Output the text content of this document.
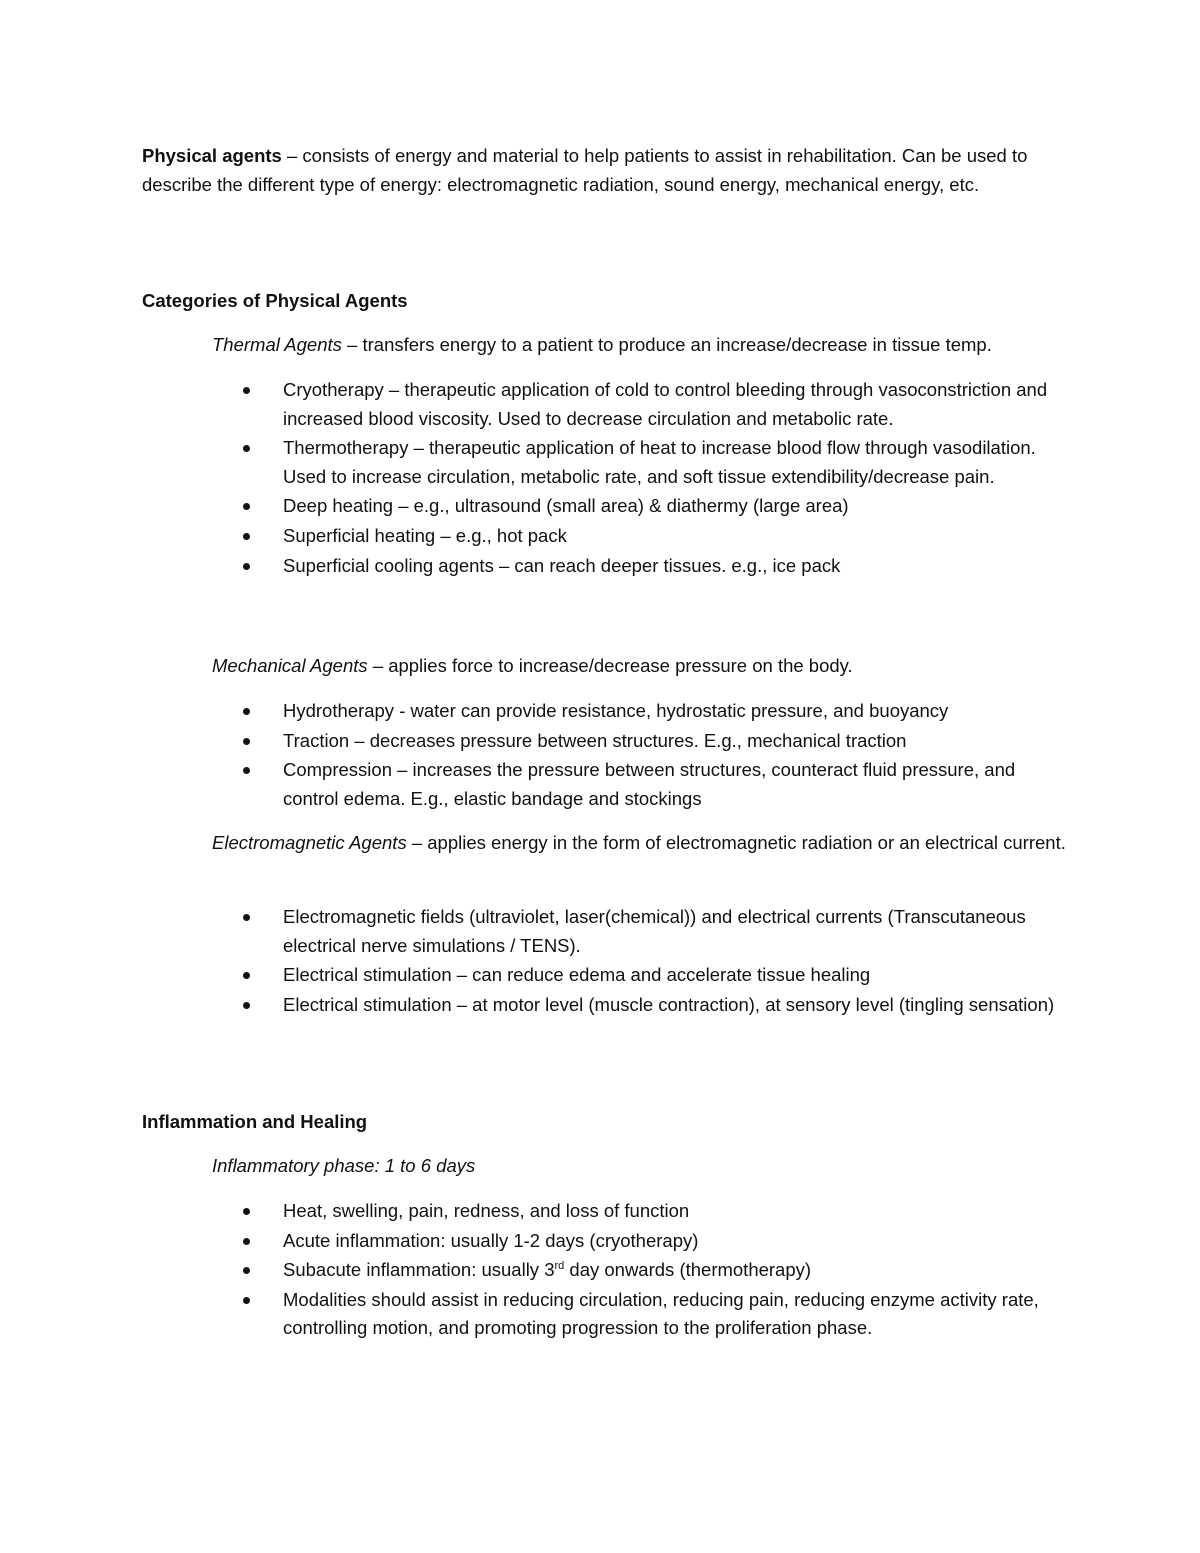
Physical agents – consists of energy and material to help patients to assist in rehabilitation. Can be used to describe the different type of energy: electromagnetic radiation, sound energy, mechanical energy, etc.

Categories of Physical Agents
Thermal Agents – transfers energy to a patient to produce an increase/decrease in tissue temp.
Cryotherapy – therapeutic application of cold to control bleeding through vasoconstriction and increased blood viscosity. Used to decrease circulation and metabolic rate.
Thermotherapy – therapeutic application of heat to increase blood flow through vasodilation. Used to increase circulation, metabolic rate, and soft tissue extendibility/decrease pain.
Deep heating – e.g., ultrasound (small area) & diathermy (large area)
Superficial heating – e.g., hot pack
Superficial cooling agents – can reach deeper tissues. e.g., ice pack
Mechanical Agents – applies force to increase/decrease pressure on the body.
Hydrotherapy - water can provide resistance, hydrostatic pressure, and buoyancy
Traction – decreases pressure between structures. E.g., mechanical traction
Compression – increases the pressure between structures, counteract fluid pressure, and control edema. E.g., elastic bandage and stockings
Electromagnetic Agents – applies energy in the form of electromagnetic radiation or an electrical current.
Electromagnetic fields (ultraviolet, laser(chemical)) and electrical currents (Transcutaneous electrical nerve simulations / TENS).
Electrical stimulation – can reduce edema and accelerate tissue healing
Electrical stimulation – at motor level (muscle contraction), at sensory level (tingling sensation)
Inflammation and Healing
Inflammatory phase: 1 to 6 days
Heat, swelling, pain, redness, and loss of function
Acute inflammation: usually 1-2 days (cryotherapy)
Subacute inflammation: usually 3rd day onwards (thermotherapy)
Modalities should assist in reducing circulation, reducing pain, reducing enzyme activity rate, controlling motion, and promoting progression to the proliferation phase.
